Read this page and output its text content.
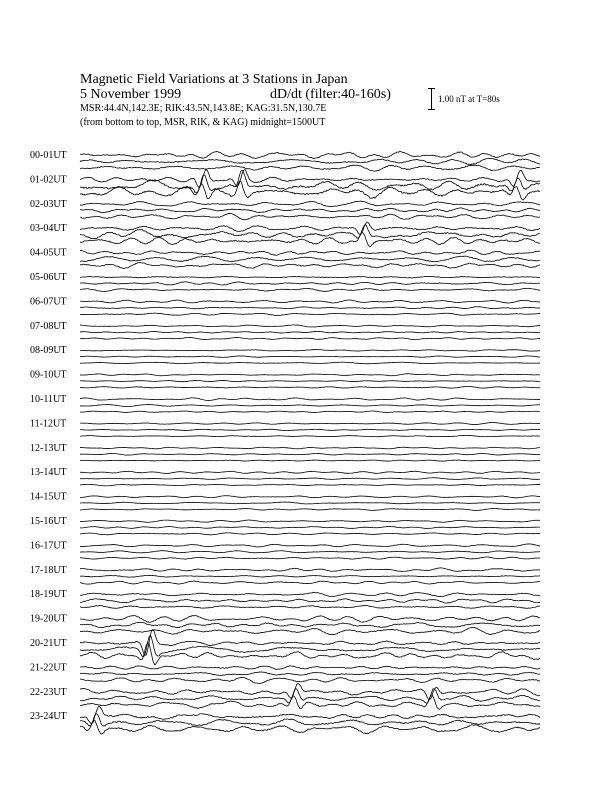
Magnetic Field Variations at 3 Stations in Japan
5 November 1999	dD/dt (filter:40-160s)
MSR:44.4N,142.3E; RIK:43.5N,143.8E; KAG:31.5N,130.7E
(from bottom to top, MSR, RIK, & KAG) midnight=1500UT
1.00 nT at T=80s
00-01UT
01-02UT
02-03UT
03-04UT
04-05UT
05-06UT
06-07UT
07-08UT
08-09UT
09-10UT
10-11UT
11-12UT
12-13UT
13-14UT
14-15UT
15-16UT
16-17UT
17-18UT
18-19UT
19-20UT
20-21UT
21-22UT
22-23UT
23-24UT
